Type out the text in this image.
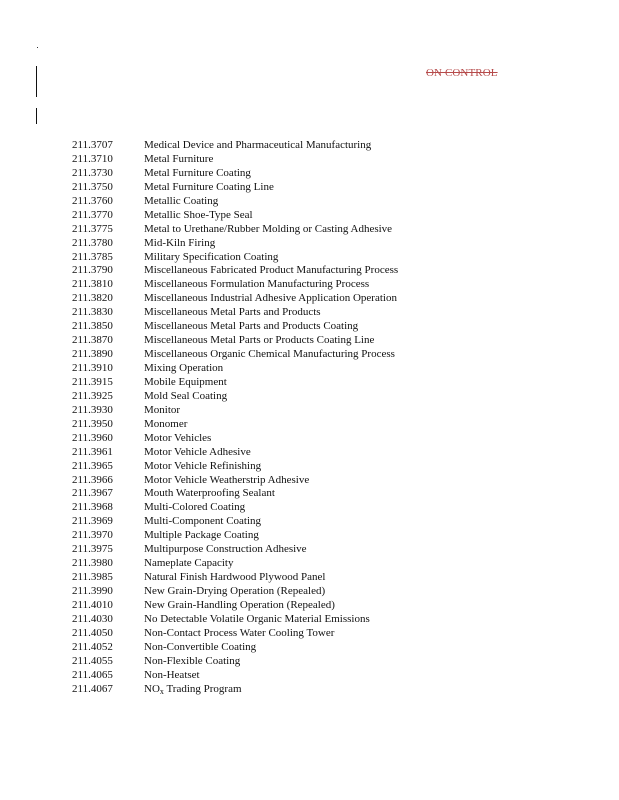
ON CONTROL
211.3707	Medical Device and Pharmaceutical Manufacturing
211.3710	Metal Furniture
211.3730	Metal Furniture Coating
211.3750	Metal Furniture Coating Line
211.3760	Metallic Coating
211.3770	Metallic Shoe-Type Seal
211.3775	Metal to Urethane/Rubber Molding or Casting Adhesive
211.3780	Mid-Kiln Firing
211.3785	Military Specification Coating
211.3790	Miscellaneous Fabricated Product Manufacturing Process
211.3810	Miscellaneous Formulation Manufacturing Process
211.3820	Miscellaneous Industrial Adhesive Application Operation
211.3830	Miscellaneous Metal Parts and Products
211.3850	Miscellaneous Metal Parts and Products Coating
211.3870	Miscellaneous Metal Parts or Products Coating Line
211.3890	Miscellaneous Organic Chemical Manufacturing Process
211.3910	Mixing Operation
211.3915	Mobile Equipment
211.3925	Mold Seal Coating
211.3930	Monitor
211.3950	Monomer
211.3960	Motor Vehicles
211.3961	Motor Vehicle Adhesive
211.3965	Motor Vehicle Refinishing
211.3966	Motor Vehicle Weatherstrip Adhesive
211.3967	Mouth Waterproofing Sealant
211.3968	Multi-Colored Coating
211.3969	Multi-Component Coating
211.3970	Multiple Package Coating
211.3975	Multipurpose Construction Adhesive
211.3980	Nameplate Capacity
211.3985	Natural Finish Hardwood Plywood Panel
211.3990	New Grain-Drying Operation (Repealed)
211.4010	New Grain-Handling Operation (Repealed)
211.4030	No Detectable Volatile Organic Material Emissions
211.4050	Non-Contact Process Water Cooling Tower
211.4052	Non-Convertible Coating
211.4055	Non-Flexible Coating
211.4065	Non-Heatset
211.4067	$NO_x$ Trading Program
